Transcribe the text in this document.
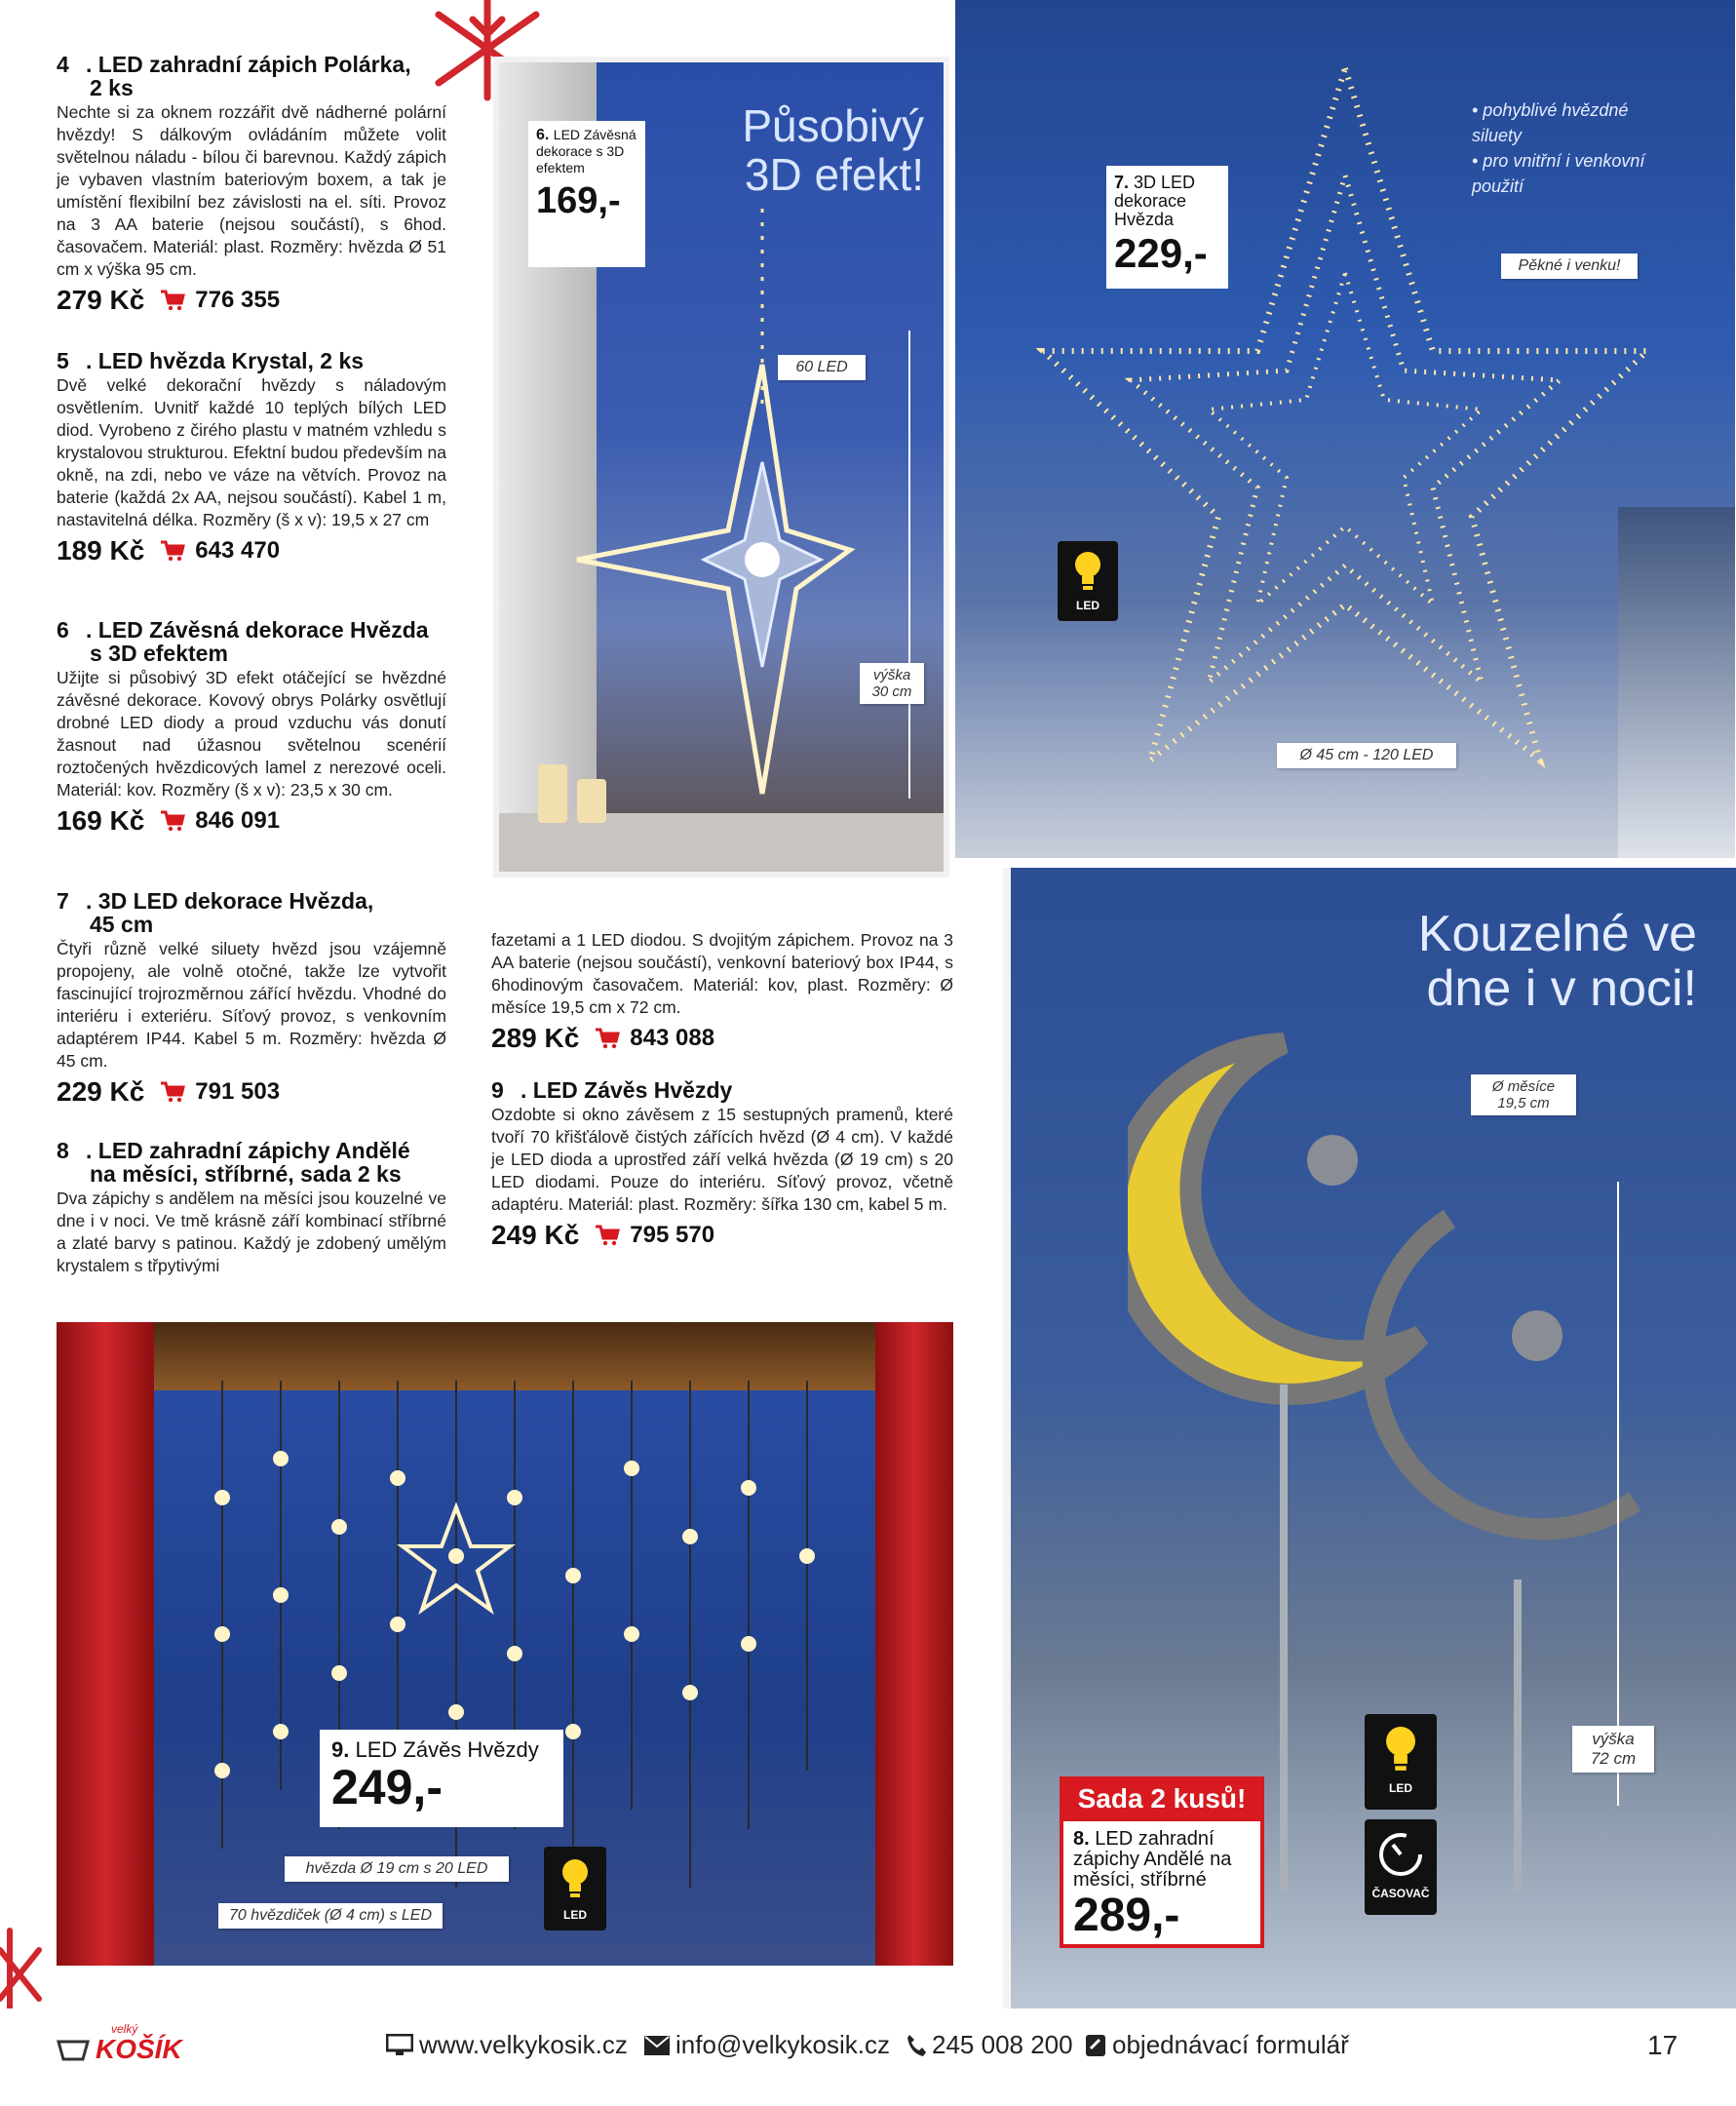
4 . LED zahradní zápich Polárka,
2 ks

Nechte si za oknem rozzářit dvě nádherné polární hvězdy! S dálkovým ovládáním můžete volit světelnou náladu - bílou či barevnou. Každý zápich je vybaven vlastním bateriovým boxem, a tak je umístění flexibilní bez závislosti na el. síti. Provoz na 3 AA baterie (nejsou součástí), s 6hod. časovačem. Materiál: plast. Rozměry: hvězda Ø 51 cm x výška 95 cm.

279 Kč 776 355
5 . LED hvězda Krystal, 2 ks

Dvě velké dekorační hvězdy s náladovým osvětlením. Uvnitř každé 10 teplých bílých LED diod. Vyrobeno z čirého plastu v matném vzhledu s krystalovou strukturou. Efektní budou především na okně, na zdi, nebo ve váze na větvích. Provoz na baterie (každá 2x AA, nejsou součástí). Kabel 1 m, nastavitelná délka. Rozměry (š x v): 19,5 x 27 cm

189 Kč 643 470
6 . LED Závěsná dekorace Hvězda
s 3D efektem

Užijte si působivý 3D efekt otáčející se hvězdné závěsné dekorace. Kovový obrys Polárky osvětlují drobné LED diody a proud vzduchu vás donutí žasnout nad úžasnou světelnou scenérií roztočených hvězdicových lamel z nerezové oceli. Materiál: kov. Rozměry (š x v): 23,5 x 30 cm.

169 Kč 846 091
7 . 3D LED dekorace Hvězda,
45 cm

Čtyři různě velké siluety hvězd jsou vzájemně propojeny, ale volně otočné, takže lze vytvořit fascinující trojrozměrnou zářící hvězdu. Vhodné do interiéru i exteriéru. Síťový provoz, s venkovním adaptérem IP44. Kabel 5 m. Rozměry: hvězda Ø 45 cm.

229 Kč 791 503
8 . LED zahradní zápichy Andělé
na měsíci, stříbrné, sada 2 ks

Dva zápichy s andělem na měsíci jsou kouzelné ve dne i v noci. Ve tmě krásně září kombinací stříbrné a zlaté barvy s patinou. Každý je zdobený umělým krystalem s třpytivými

fazetami a 1 LED diodou. S dvojitým zápichem. Provoz na 3 AA baterie (nejsou součástí), venkovní bateriový box IP44, s 6hodinovým časovačem. Materiál: kov, plast. Rozměry: Ø měsíce 19,5 cm x 72 cm.

289 Kč 843 088
9 . LED Závěs Hvězdy

Ozdobte si okno závěsem z 15 sestupných pramenů, které tvoří 70 křišťálově čistých zářících hvězd (Ø 4 cm). V každé je LED dioda a uprostřed září velká hvězda (Ø 19 cm) s 20 LED diodami. Pouze do interiéru. Síťový provoz, včetně adaptéru. Materiál: plast. Rozměry: šířka 130 cm, kabel 5 m.

249 Kč 795 570
Působivý 3D efekt!
6. LED Závěsná dekorace s 3D efektem
169,-
60 LED
výška 30 cm
• pohyblivé hvězdné siluety
• pro vnitřní i venkovní použití
Pěkné i venku!
7. 3D LED dekorace Hvězda
229,-
LED
Ø 45 cm - 120 LED
Kouzelné ve dne i v noci!
Ø měsíce 19,5 cm
výška 72 cm
LED
ČASOVAČ
Sada 2 kusů!
8. LED zahradní zápichy Andělé na měsíci, stříbrné
289,-
9. LED Závěs Hvězdy
249,-
hvězda Ø 19 cm s 20 LED
70 hvězdiček (Ø 4 cm) s LED	LED
velký
KOŠÍK	www.velkykosik.cz info@velkykosik.cz 245 008 200 objednávací formulář	17
